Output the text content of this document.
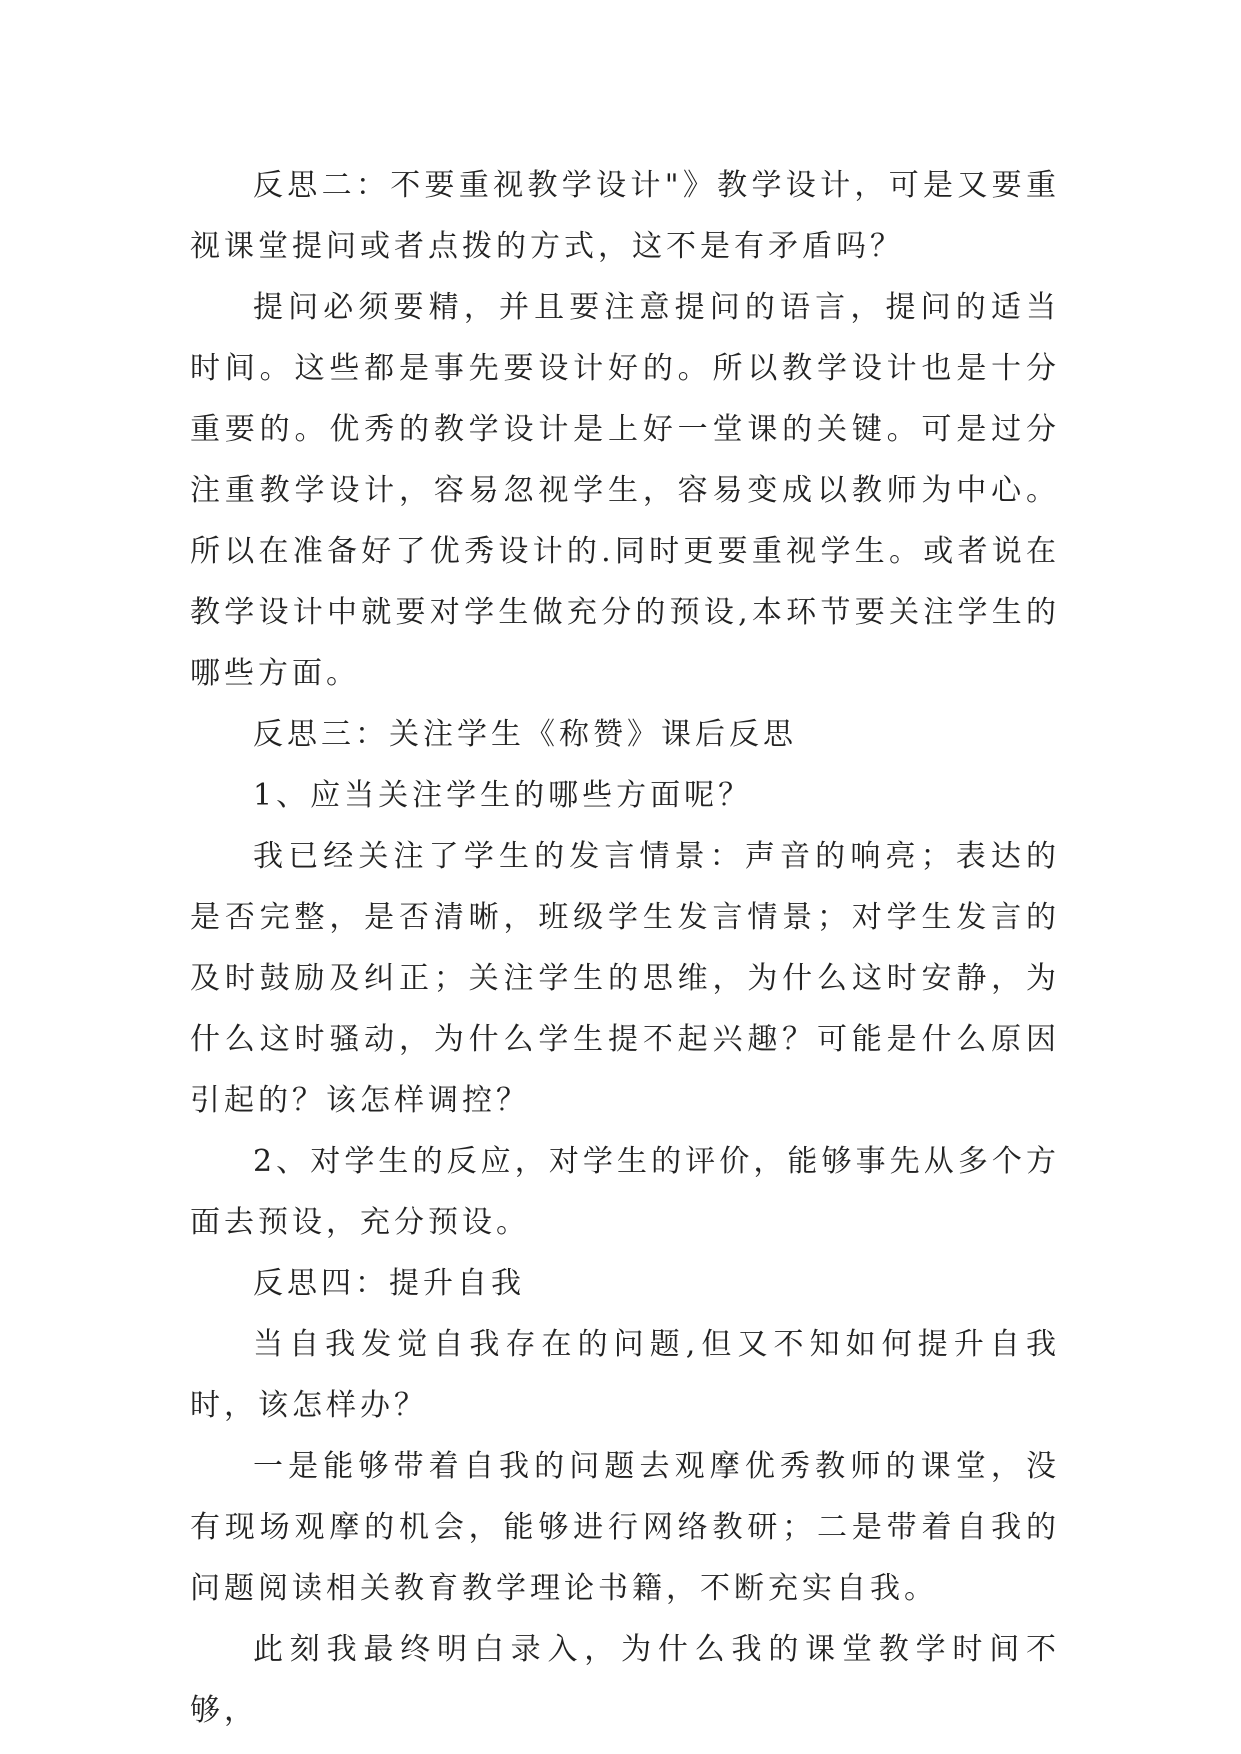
反思二：不要重视教学设计"》教学设计，可是又要重视课堂提问或者点拨的方式，这不是有矛盾吗？

提问必须要精，并且要注意提问的语言，提问的适当时间。这些都是事先要设计好的。所以教学设计也是十分重要的。优秀的教学设计是上好一堂课的关键。可是过分注重教学设计，容易忽视学生，容易变成以教师为中心。所以在准备好了优秀设计的.同时更要重视学生。或者说在教学设计中就要对学生做充分的预设,本环节要关注学生的哪些方面。

反思三：关注学生《称赞》课后反思

1、应当关注学生的哪些方面呢？

我已经关注了学生的发言情景：声音的响亮；表达的是否完整，是否清晰，班级学生发言情景；对学生发言的及时鼓励及纠正；关注学生的思维，为什么这时安静，为什么这时骚动，为什么学生提不起兴趣？可能是什么原因引起的？该怎样调控？

2、对学生的反应，对学生的评价，能够事先从多个方面去预设，充分预设。

反思四：提升自我

当自我发觉自我存在的问题,但又不知如何提升自我时，该怎样办？

一是能够带着自我的问题去观摩优秀教师的课堂，没有现场观摩的机会，能够进行网络教研；二是带着自我的问题阅读相关教育教学理论书籍，不断充实自我。

此刻我最终明白录入，为什么我的课堂教学时间不够，
